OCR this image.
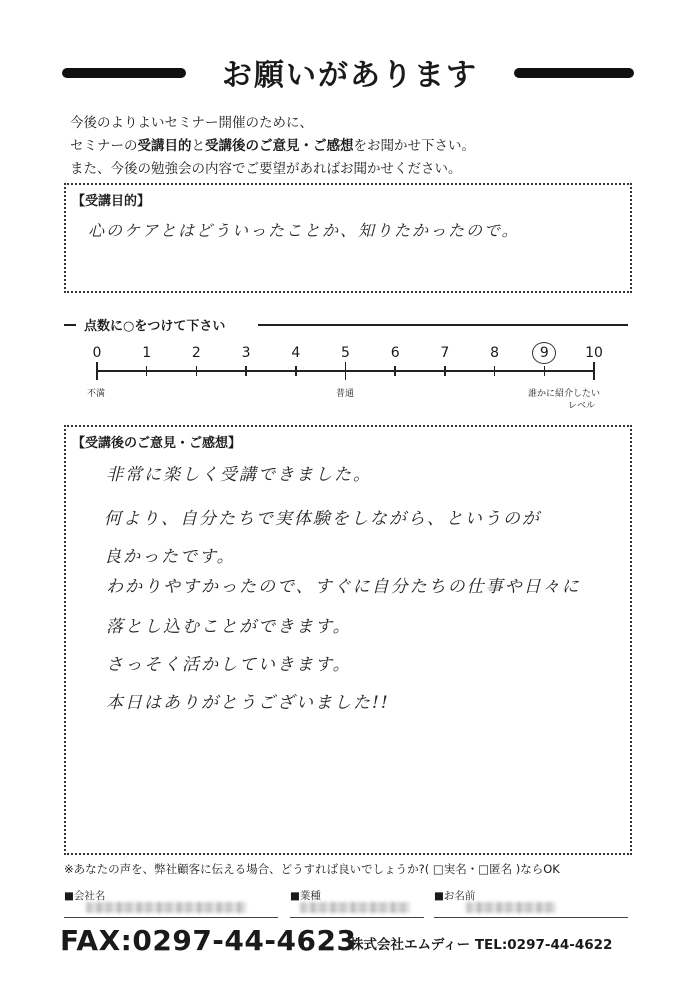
お願いがあります
今後のよりよいセミナー開催のために、
セミナーの受講目的と受講後のご意見・ご感想をお聞かせ下さい。
また、今後の勉強会の内容でご要望があればお聞かせください。
【受講目的】
心のケアとはどういったことか、知りたかったので。
点数に○をつけて下さい
0	1	2	3	4	5	6	7	8	9	10
不満	普通	誰かに紹介したい
レベル
【受講後のご意見・ご感想】
非常に楽しく受講できました。
何より、自分たちで実体験をしながら、というのが
良かったです。
わかりやすかったので、すぐに自分たちの仕事や日々に
落とし込むことができます。
さっそく活かしていきます。
本日はありがとうございました!!
※あなたの声を、弊社顧客に伝える場合、どうすれば良いでしょうか?( □実名・□匿名 )ならOK
■会社名	■業種	■お名前
FAX:0297-44-4623
株式会社エムディー TEL:0297-44-4622
